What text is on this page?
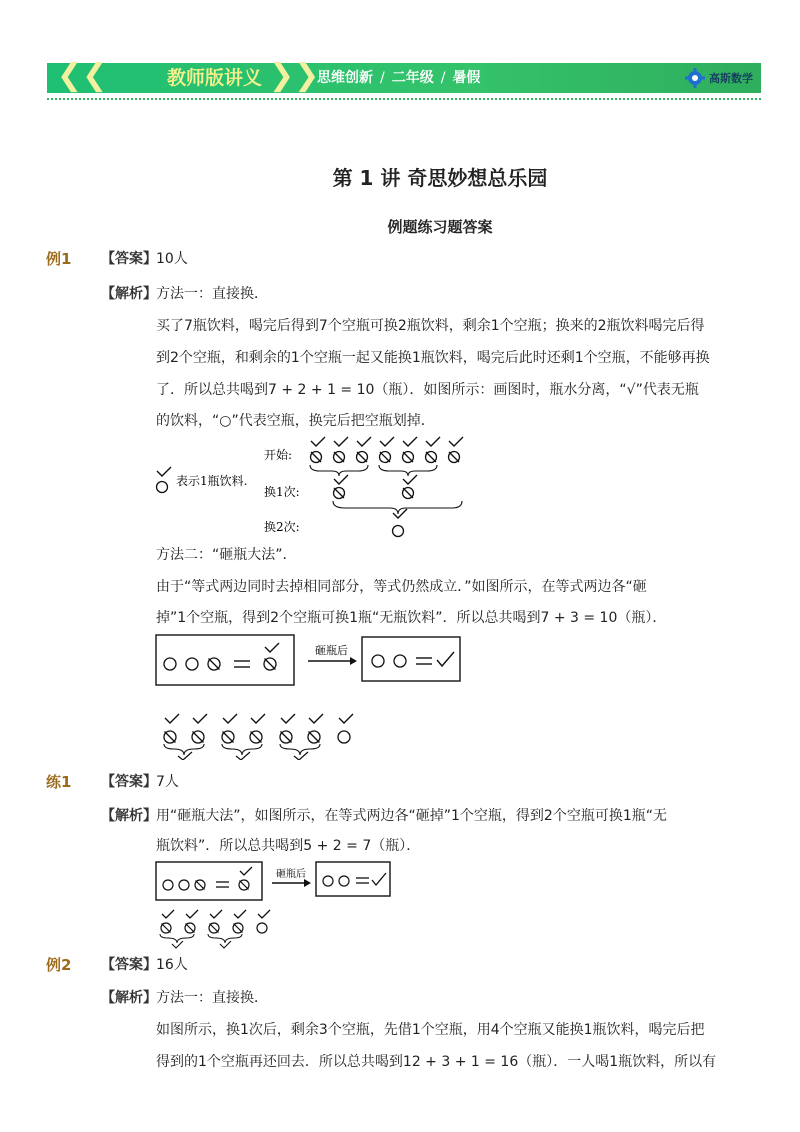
❮❮	教师版讲义 ❯❯
思维创新 / 二年级 / 暑假	高斯数学
第 1 讲 奇思妙想总乐园
例题练习题答案
例1 【答案】 10人
【解析】 方法一：直接换．
买了7瓶饮料，喝完后得到7个空瓶可换2瓶饮料，剩余1个空瓶；换来的2瓶饮料喝完后得
到2个空瓶，和剩余的1个空瓶一起又能换1瓶饮料，喝完后此时还剩1个空瓶，不能够再换
了．所以总共喝到7 + 2 + 1 = 10（瓶）．如图所示：画图时，瓶水分离，“√”代表无瓶
的饮料，“○”代表空瓶，换完后把空瓶划掉．
表示1瓶饮料.
开始:
换1次:
换2次:
方法二：“砸瓶大法”．
由于“等式两边同时去掉相同部分，等式仍然成立．”如图所示，在等式两边各“砸
掉”1个空瓶，得到2个空瓶可换1瓶“无瓶饮料”．所以总共喝到7 + 3 = 10（瓶）．
砸瓶后
练1 【答案】 7人
【解析】 用“砸瓶大法”，如图所示，在等式两边各“砸掉”1个空瓶，得到2个空瓶可换1瓶“无
瓶饮料”．所以总共喝到5 + 2 = 7（瓶）．
砸瓶后
例2 【答案】 16人
【解析】 方法一：直接换．
如图所示，换1次后，剩余3个空瓶，先借1个空瓶，用4个空瓶又能换1瓶饮料，喝完后把
得到的1个空瓶再还回去．所以总共喝到12 + 3 + 1 = 16（瓶）．一人喝1瓶饮料，所以有
